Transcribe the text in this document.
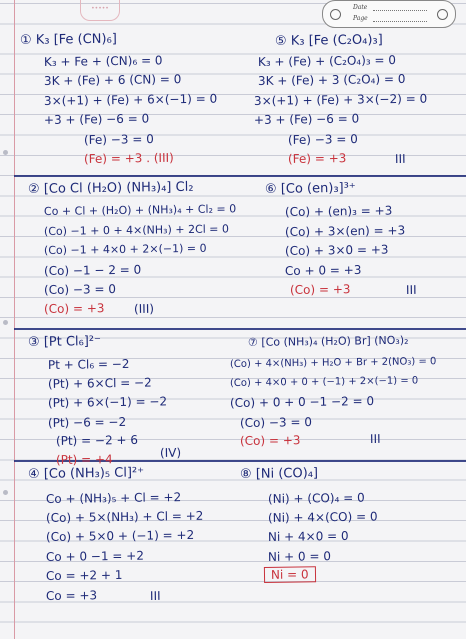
•••••	Date
Page
① K₃ [Fe (CN)₆]
K₃ + Fe + (CN)₆ = 0
3K + (Fe) + 6 (CN) = 0
3×(+1) + (Fe) + 6×(−1) = 0
+3 + (Fe) −6 = 0
(Fe) −3 = 0
(Fe) = +3 . (III)
⑤ K₃ [Fe (C₂O₄)₃]
K₃ + (Fe) + (C₂O₄)₃ = 0
3K + (Fe) + 3 (C₂O₄) = 0
3×(+1) + (Fe) + 3×(−2) = 0
+3 + (Fe) −6 = 0
(Fe) −3 = 0
(Fe) = +3	III
② [Co Cl (H₂O) (NH₃)₄] Cl₂
Co + Cl + (H₂O) + (NH₃)₄ + Cl₂ = 0
(Co) −1 + 0 + 4×(NH₃) + 2Cl = 0
(Co) −1 + 4×0 + 2×(−1) = 0
(Co) −1 − 2 = 0
(Co) −3 = 0
(Co) = +3 (III)
⑥ [Co (en)₃]³⁺
(Co) + (en)₃ = +3
(Co) + 3×(en) = +3
(Co) + 3×0 = +3
Co + 0 = +3
(Co) = +3	III
③ [Pt Cl₆]²⁻
Pt + Cl₆ = −2
(Pt) + 6×Cl = −2
(Pt) + 6×(−1) = −2
(Pt) −6 = −2
(Pt) = −2 + 6
(Pt) = +4	(IV)
⑦ [Co (NH₃)₄ (H₂O) Br] (NO₃)₂
(Co) + 4×(NH₃) + H₂O + Br + 2(NO₃) = 0
(Co) + 4×0 + 0 + (−1) + 2×(−1) = 0
(Co) + 0 + 0 −1 −2 = 0
(Co) −3 = 0
(Co) = +3	III
④ [Co (NH₃)₅ Cl]²⁺
Co + (NH₃)₅ + Cl = +2
(Co) + 5×(NH₃) + Cl = +2
(Co) + 5×0 + (−1) = +2
Co + 0 −1 = +2
Co = +2 + 1
Co = +3	III
⑧ [Ni (CO)₄]
(Ni) + (CO)₄ = 0
(Ni) + 4×(CO) = 0
Ni + 4×0 = 0
Ni + 0 = 0
Ni = 0
